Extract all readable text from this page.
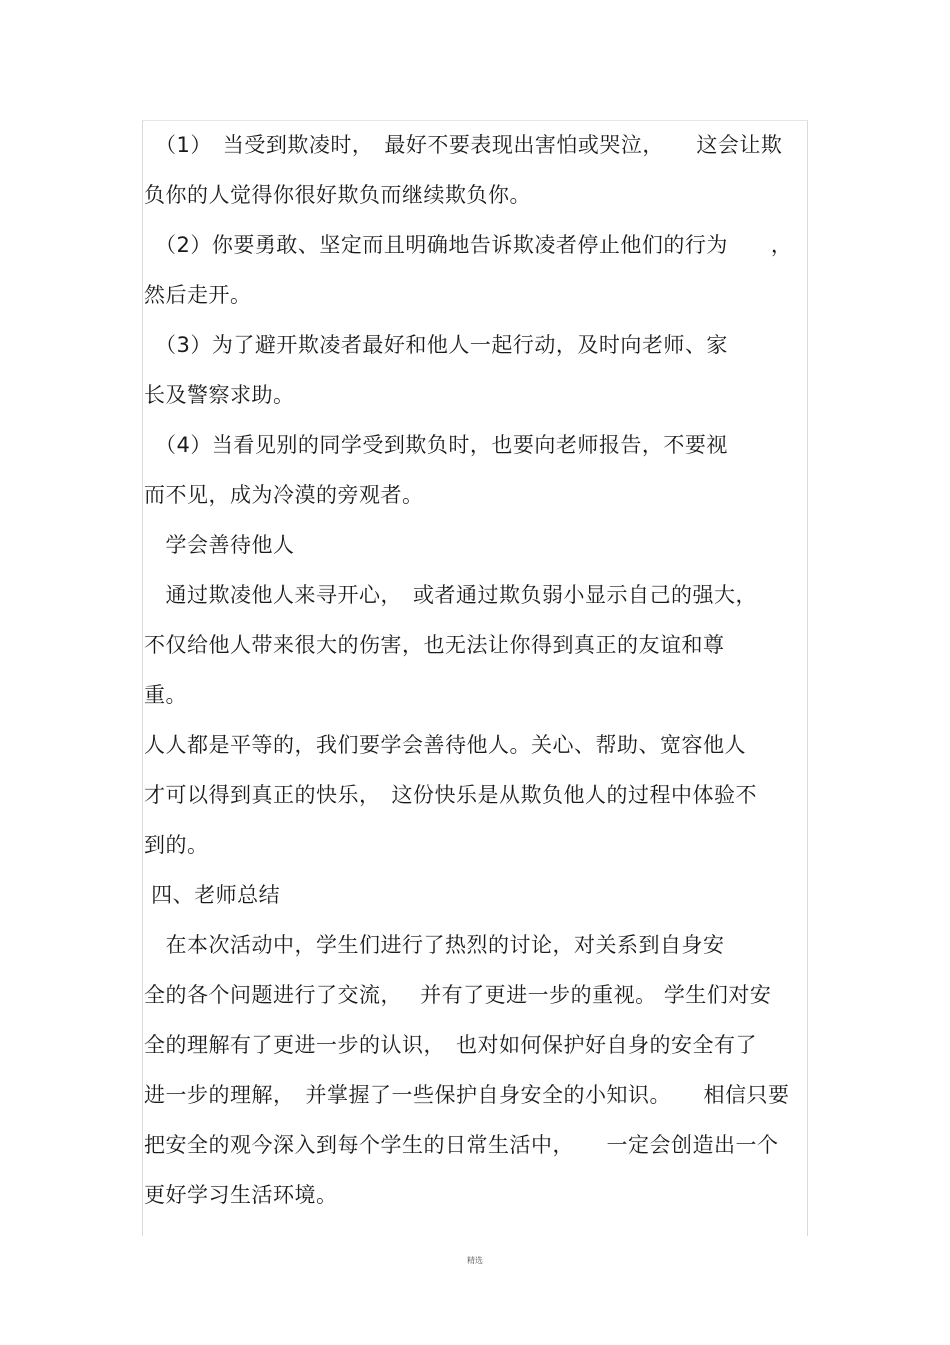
　（1）　当受到欺凌时，　最好不要表现出害怕或哭泣，　　这会让欺
负你的人觉得你很好欺负而继续欺负你。
　（2）你要勇敢、坚定而且明确地告诉欺凌者停止他们的行为　　，
然后走开。
　（3）为了避开欺凌者最好和他人一起行动，及时向老师、家
长及警察求助。
　（4）当看见别的同学受到欺负时，也要向老师报告，不要视
而不见，成为冷漠的旁观者。
　学会善待他人
　通过欺凌他人来寻开心，　或者通过欺负弱小显示自己的强大，
不仅给他人带来很大的伤害，也无法让你得到真正的友谊和尊
重。
人人都是平等的，我们要学会善待他人。关心、帮助、宽容他人
才可以得到真正的快乐，　这份快乐是从欺负他人的过程中体验不
到的。
四、老师总结
　在本次活动中，学生们进行了热烈的讨论，对关系到自身安
全的各个问题进行了交流，　 并有了更进一步的重视。 学生们对安
全的理解有了更进一步的认识，　也对如何保护好自身的安全有了
进一步的理解，　并掌握了一些保护自身安全的小知识。　　相信只要
把安全的观今深入到每个学生的日常生活中，　　一定会创造出一个
更好学习生活环境。
精选
